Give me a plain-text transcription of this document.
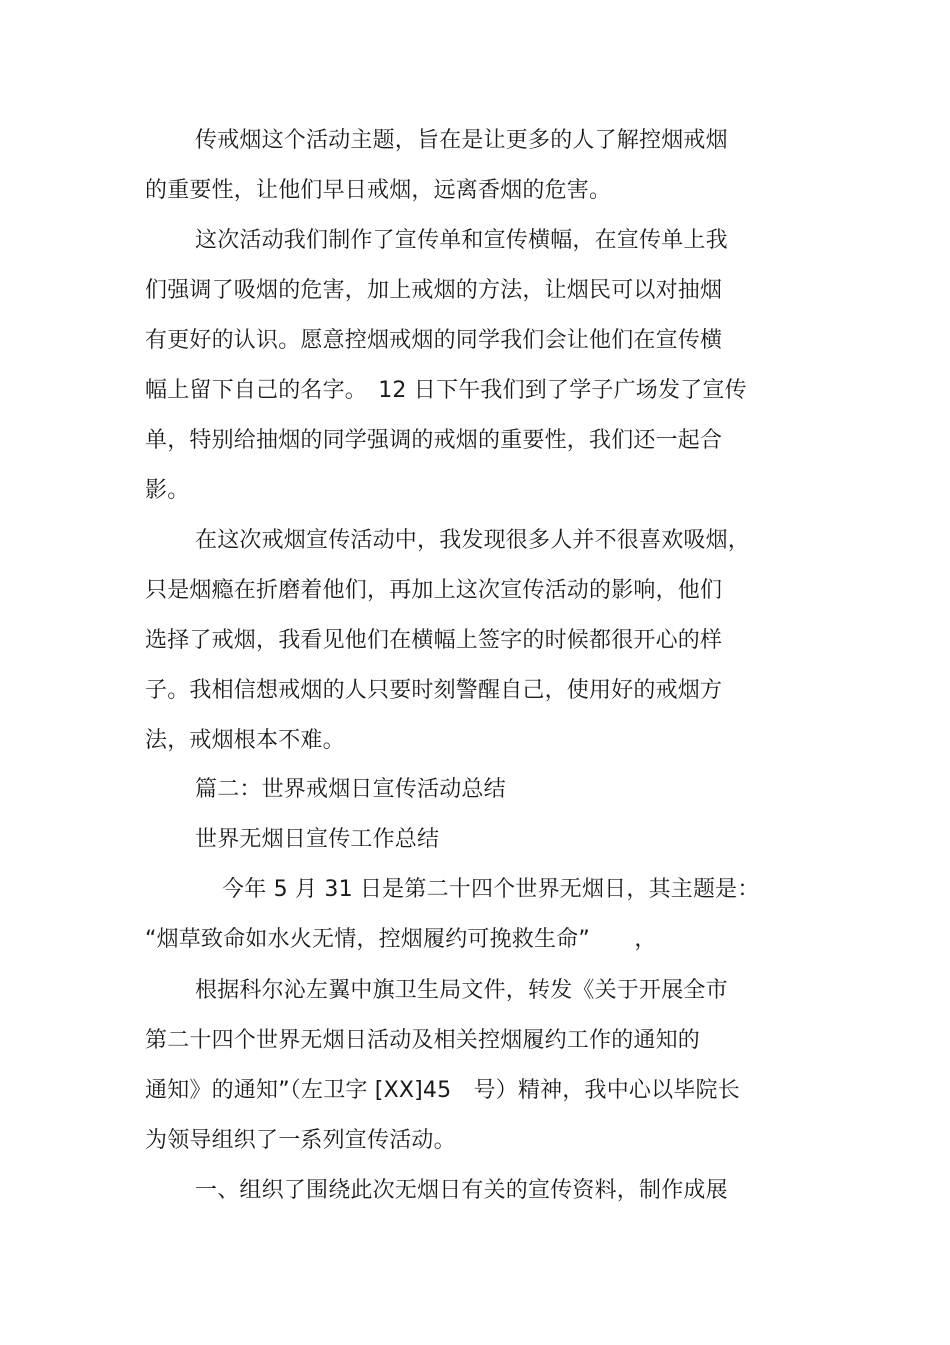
传戒烟这个活动主题，旨在是让更多的人了解控烟戒烟
的重要性，让他们早日戒烟，远离香烟的危害。
这次活动我们制作了宣传单和宣传横幅，在宣传单上我
们强调了吸烟的危害，加上戒烟的方法，让烟民可以对抽烟
有更好的认识。愿意控烟戒烟的同学我们会让他们在宣传横
幅上留下自己的名字。　12 日下午我们到了学子广场发了宣传
单，特别给抽烟的同学强调的戒烟的重要性，我们还一起合
影。
在这次戒烟宣传活动中，我发现很多人并不很喜欢吸烟，
只是烟瘾在折磨着他们，再加上这次宣传活动的影响，他们
选择了戒烟，我看见他们在横幅上签字的时候都很开心的样
子。我相信想戒烟的人只要时刻警醒自己，使用好的戒烟方
法，戒烟根本不难。
篇二：世界戒烟日宣传活动总结
世界无烟日宣传工作总结
今年 5 月 31 日是第二十四个世界无烟日，其主题是：
“烟草致命如水火无情，控烟履约可挽救生命”　　，
根据科尔沁左翼中旗卫生局文件，转发《关于开展全市
第二十四个世界无烟日活动及相关控烟履约工作的通知的
通知》的通知”（左卫字 [XX]45　号）精神，我中心以毕院长
为领导组织了一系列宣传活动。
一、组织了围绕此次无烟日有关的宣传资料，制作成展
